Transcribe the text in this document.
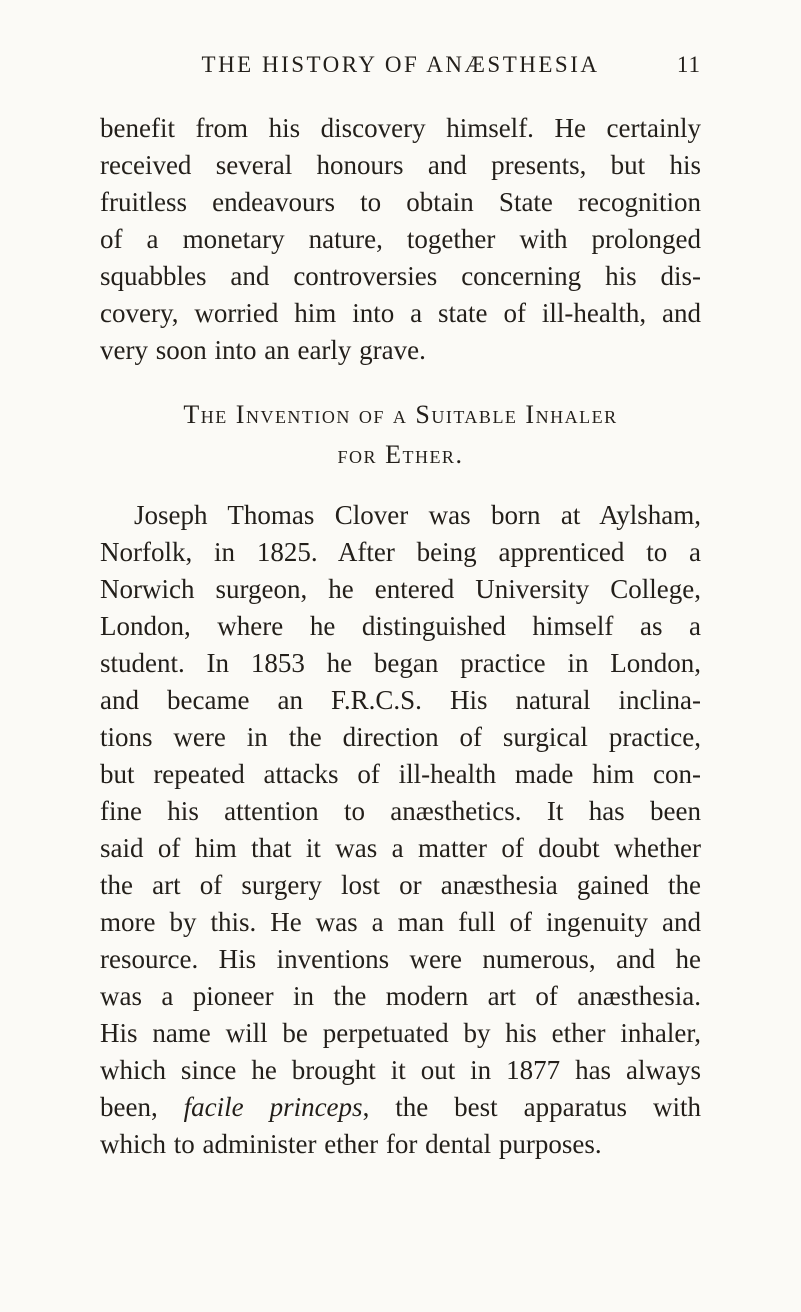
THE HISTORY OF ANÆSTHESIA	11

benefit from his discovery himself. He certainly
received several honours and presents, but his
fruitless endeavours to obtain State recognition
of a monetary nature, together with prolonged
squabbles and controversies concerning his dis-
covery, worried him into a state of ill-health, and
very soon into an early grave.

The Invention of a Suitable Inhaler
for Ether.

Joseph Thomas Clover was born at Aylsham,
Norfolk, in 1825. After being apprenticed to a
Norwich surgeon, he entered University College,
London, where he distinguished himself as a
student. In 1853 he began practice in London,
and became an F.R.C.S. His natural inclina-
tions were in the direction of surgical practice,
but repeated attacks of ill-health made him con-
fine his attention to anæsthetics. It has been
said of him that it was a matter of doubt whether
the art of surgery lost or anæsthesia gained the
more by this. He was a man full of ingenuity and
resource. His inventions were numerous, and he
was a pioneer in the modern art of anæsthesia.
His name will be perpetuated by his ether inhaler,
which since he brought it out in 1877 has always
been, facile princeps, the best apparatus with
which to administer ether for dental purposes.
